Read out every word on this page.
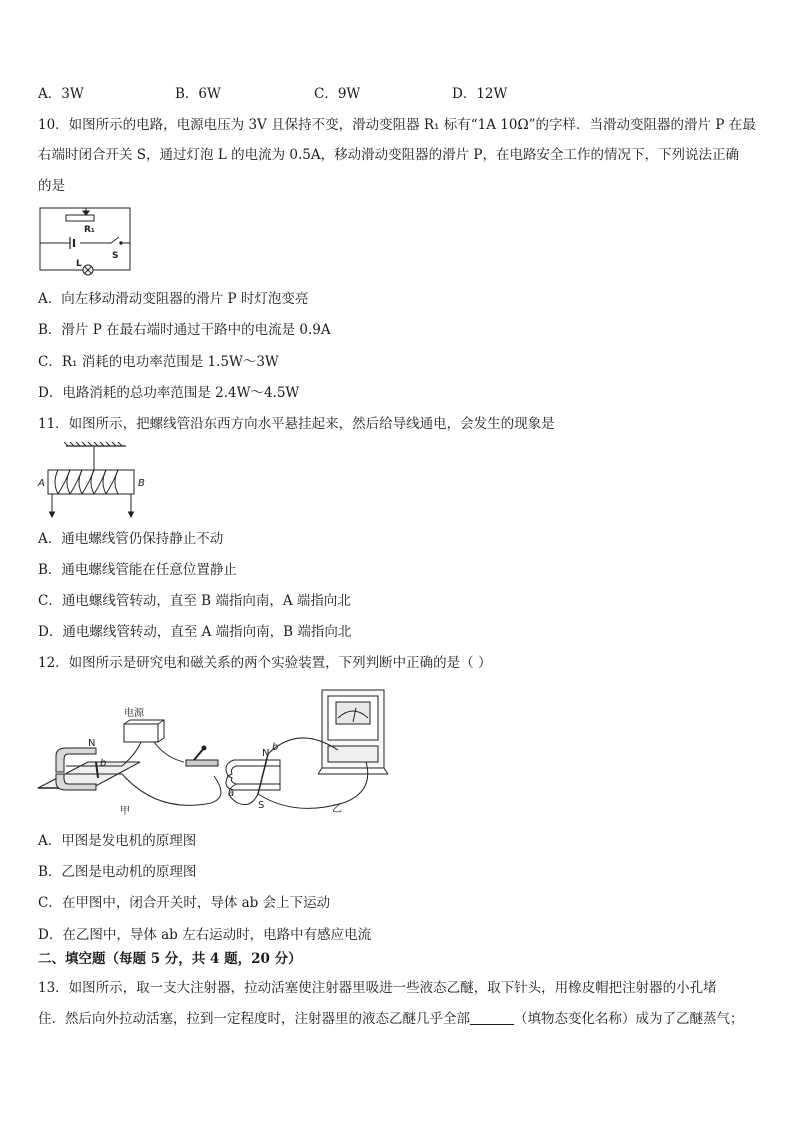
A．3W	B．6W	C．9W	D．12W
10．如图所示的电路，电源电压为 3V 且保持不变，滑动变阻器 R₁ 标有“1A 10Ω”的字样．当滑动变阻器的滑片 P 在最
右端时闭合开关 S，通过灯泡 L 的电流为 0.5A，移动滑动变阻器的滑片 P，在电路安全工作的情况下，下列说法正确
的是
R₁
S
L
A．向左移动滑动变阻器的滑片 P 时灯泡变亮
B．滑片 P 在最右端时通过干路中的电流是 0.9A
C．R₁ 消耗的电功率范围是 1.5W～3W
D．电路消耗的总功率范围是 2.4W～4.5W
11．如图所示，把螺线管沿东西方向水平悬挂起来，然后给导线通电，会发生的现象是
A	B
A．通电螺线管仍保持静止不动
B．通电螺线管能在任意位置静止
C．通电螺线管转动，直至 B 端指向南，A 端指向北
D．通电螺线管转动，直至 A 端指向南，B 端指向北
12．如图所示是研究电和磁关系的两个实验装置，下列判断中正确的是（ ）
电源
N
b
甲
N
b
a
S	乙
A．甲图是发电机的原理图
B．乙图是电动机的原理图
C．在甲图中，闭合开关时，导体 ab 会上下运动
D．在乙图中，导体 ab 左右运动时，电路中有感应电流
二、填空题（每题 5 分，共 4 题，20 分）
13．如图所示，取一支大注射器，拉动活塞使注射器里吸进一些液态乙醚，取下针头，用橡皮帽把注射器的小孔堵
住．然后向外拉动活塞，拉到一定程度时，注射器里的液态乙醚几乎全部	（填物态变化名称）成为了乙醚蒸气；
